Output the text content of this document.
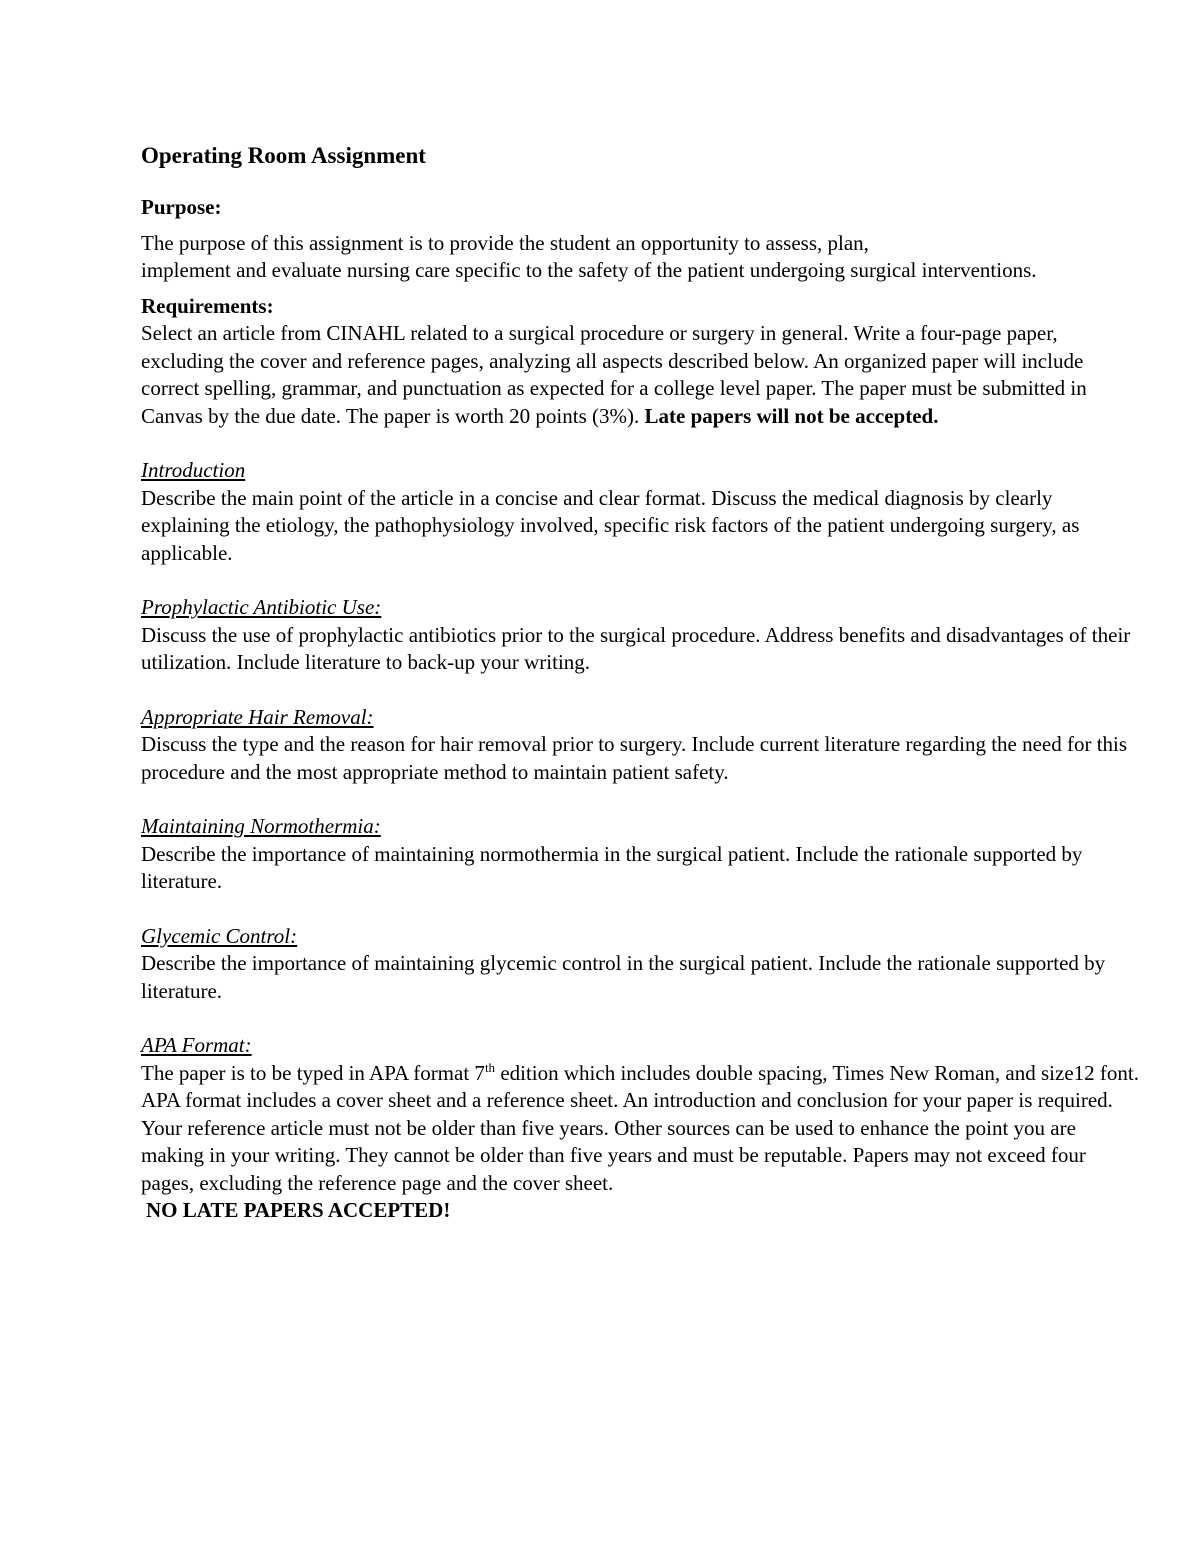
Operating Room Assignment
Purpose:
The purpose of this assignment is to provide the student an opportunity to assess, plan,
implement and evaluate nursing care specific to the safety of the patient undergoing surgical interventions.
Requirements:
Select an article from CINAHL related to a surgical procedure or surgery in general. Write a four-page paper, excluding the cover and reference pages, analyzing all aspects described below. An organized paper will include correct spelling, grammar, and punctuation as expected for a college level paper. The paper must be submitted in Canvas by the due date. The paper is worth 20 points (3%). Late papers will not be accepted.
Introduction
Describe the main point of the article in a concise and clear format. Discuss the medical diagnosis by clearly explaining the etiology, the pathophysiology involved, specific risk factors of the patient undergoing surgery, as applicable.
Prophylactic Antibiotic Use:
Discuss the use of prophylactic antibiotics prior to the surgical procedure. Address benefits and disadvantages of their utilization. Include literature to back-up your writing.
Appropriate Hair Removal:
Discuss the type and the reason for hair removal prior to surgery. Include current literature regarding the need for this procedure and the most appropriate method to maintain patient safety.
Maintaining Normothermia:
Describe the importance of maintaining normothermia in the surgical patient. Include the rationale supported by literature.
Glycemic Control:
Describe the importance of maintaining glycemic control in the surgical patient. Include the rationale supported by literature.
APA Format:
The paper is to be typed in APA format 7th edition which includes double spacing, Times New Roman, and size12 font. APA format includes a cover sheet and a reference sheet. An introduction and conclusion for your paper is required. Your reference article must not be older than five years. Other sources can be used to enhance the point you are making in your writing. They cannot be older than five years and must be reputable. Papers may not exceed four pages, excluding the reference page and the cover sheet.
NO LATE PAPERS ACCEPTED!
